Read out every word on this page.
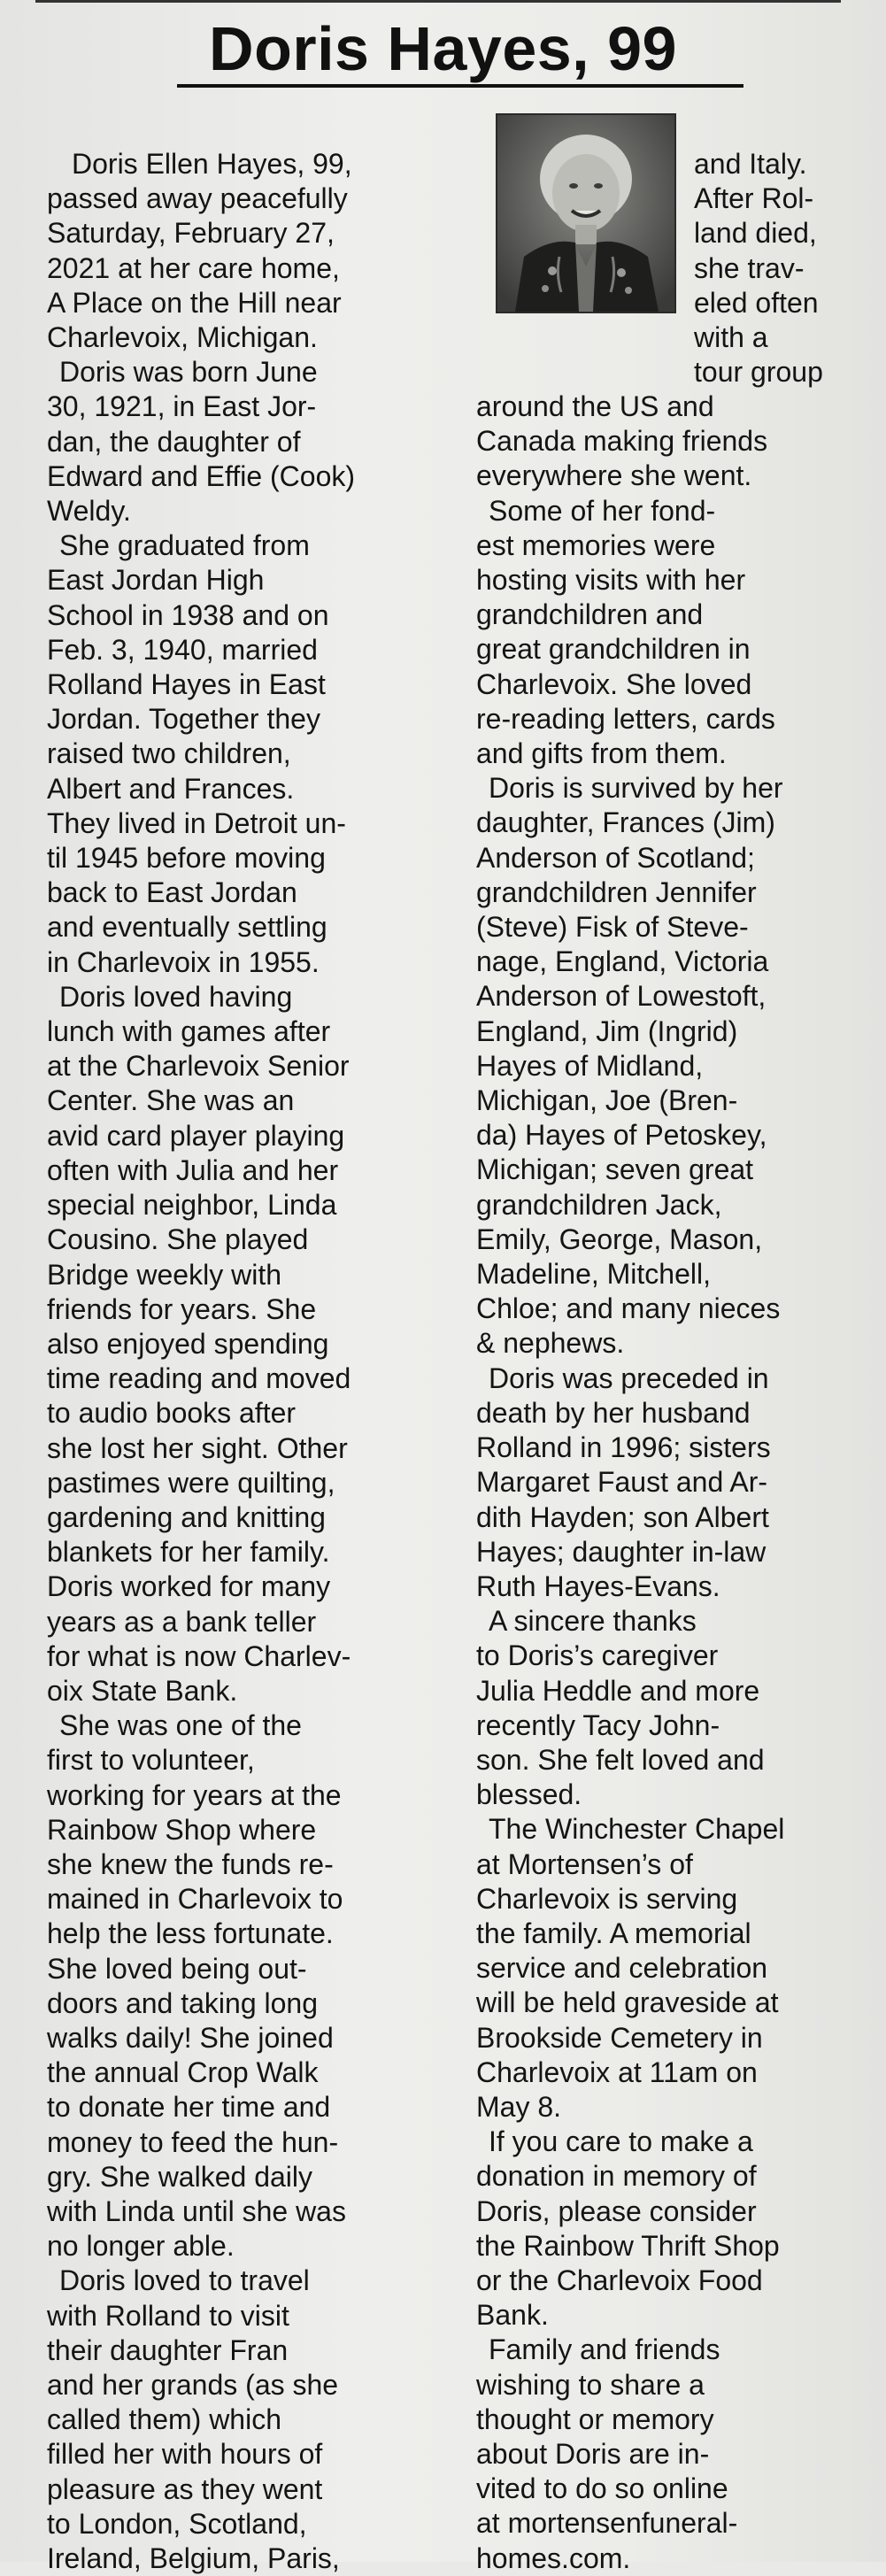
Doris Hayes, 99

Doris Ellen Hayes, 99,
passed away peacefully
Saturday, February 27,
2021 at her care home,
A Place on the Hill near
Charlevoix, Michigan.

Doris was born June
30, 1921, in East Jor-
dan, the daughter of
Edward and Effie (Cook)
Weldy.

She graduated from
East Jordan High
School in 1938 and on
Feb. 3, 1940, married
Rolland Hayes in East
Jordan. Together they
raised two children,
Albert and Frances.
They lived in Detroit un-
til 1945 before moving
back to East Jordan
and eventually settling
in Charlevoix in 1955.

Doris loved having
lunch with games after
at the Charlevoix Senior
Center. She was an
avid card player playing
often with Julia and her
special neighbor, Linda
Cousino. She played
Bridge weekly with
friends for years. She
also enjoyed spending
time reading and moved
to audio books after
she lost her sight. Other
pastimes were quilting,
gardening and knitting
blankets for her family.
Doris worked for many
years as a bank teller
for what is now Charlev-
oix State Bank.

She was one of the
first to volunteer,
working for years at the
Rainbow Shop where
she knew the funds re-
mained in Charlevoix to
help the less fortunate.
She loved being out-
doors and taking long
walks daily! She joined
the annual Crop Walk
to donate her time and
money to feed the hun-
gry. She walked daily
with Linda until she was
no longer able.

Doris loved to travel
with Rolland to visit
their daughter Fran
and her grands (as she
called them) which
filled her with hours of
pleasure as they went
to London, Scotland,
Ireland, Belgium, Paris,

and Italy.
After Rol-
land died,
she trav-
eled often
with a
tour group

around the US and
Canada making friends
everywhere she went.

Some of her fond-
est memories were
hosting visits with her
grandchildren and
great grandchildren in
Charlevoix. She loved
re-reading letters, cards
and gifts from them.

Doris is survived by her
daughter, Frances (Jim)
Anderson of Scotland;
grandchildren Jennifer
(Steve) Fisk of Steve-
nage, England, Victoria
Anderson of Lowestoft,
England, Jim (Ingrid)
Hayes of Midland,
Michigan, Joe (Bren-
da) Hayes of Petoskey,
Michigan; seven great
grandchildren Jack,
Emily, George, Mason,
Madeline, Mitchell,
Chloe; and many nieces
& nephews.

Doris was preceded in
death by her husband
Rolland in 1996; sisters
Margaret Faust and Ar-
dith Hayden; son Albert
Hayes; daughter in-law
Ruth Hayes-Evans.

A sincere thanks
to Doris’s caregiver
Julia Heddle and more
recently Tacy John-
son. She felt loved and
blessed.

The Winchester Chapel
at Mortensen’s of
Charlevoix is serving
the family. A memorial
service and celebration
will be held graveside at
Brookside Cemetery in
Charlevoix at 11am on
May 8.

If you care to make a
donation in memory of
Doris, please consider
the Rainbow Thrift Shop
or the Charlevoix Food
Bank.

Family and friends
wishing to share a
thought or memory
about Doris are in-
vited to do so online
at mortensenfuneral-
homes.com.
